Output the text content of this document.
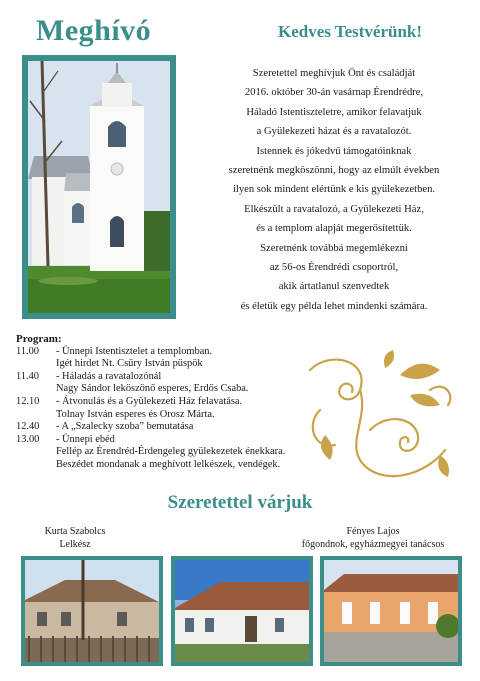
Meghívó	Kedves Testvérünk!
Szeretettel meghívjuk Önt és családját
2016. október 30-án vasárnap Érendrédre,
Háladó Istentiszteletre, amikor felavatjuk
a Gyülekezeti házat és a ravatalozót.
Istennek és jókedvű támogatóinknak
szeretnénk megköszönni, hogy az elmúlt években
ilyen sok mindent elértünk e kis gyülekezetben.
Elkészült a ravatalozó, a Gyülekezeti Ház,
és a templom alapját megerősítettük.
Szeretnénk továbbá megemlékezni
az 56-os Érendrédi csoportról,
akik ártatlanul szenvedtek
és életük egy példa lehet mindenki számára.
Program:
11.00 - Ünnepi Istentisztelet a templomban.
Igét hirdet Nt. Csűry István püspök
11.40 - Háladás a ravatalozónál
Nagy Sándor leköszönő esperes, Erdős Csaba.
12.10 - Átvonulás és a Gyülekezeti Ház felavatása.
Tolnay István esperes és Orosz Márta.
12.40 - A „Szalecky szoba” bemutatása
13.00 - Ünnepi ebéd
Fellép az Érendréd-Érdengeleg gyülekezetek énekkara.
Beszédet mondanak a meghívott lelkészek, vendégek.
Szeretettel várjuk
Kurta Szabolcs
Lelkész
Fényes Lajos
főgondnok, egyházmegyei tanácsos
